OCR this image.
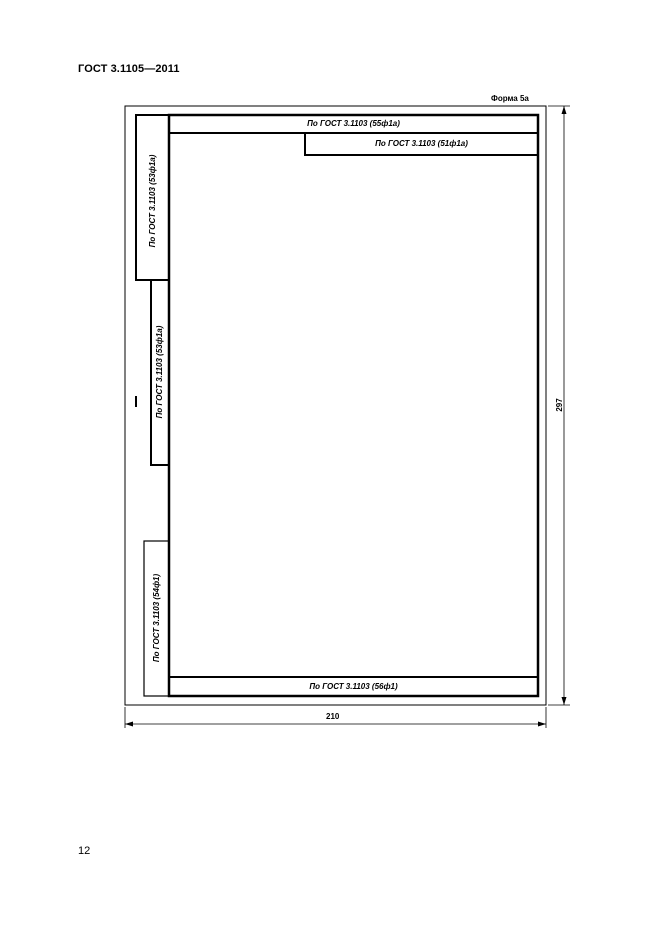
ГОСТ 3.1105—2011
Форма 5а
По ГОСТ 3.1103 (55ф1а)
По ГОСТ 3.1103 (51ф1а)
По ГОСТ 3.1103 (56ф1)
По ГОСТ 3.1103 (53ф1а)
По ГОСТ 3.1103 (53ф1а)
По ГОСТ 3.1103 (54ф1)
210
297
12
